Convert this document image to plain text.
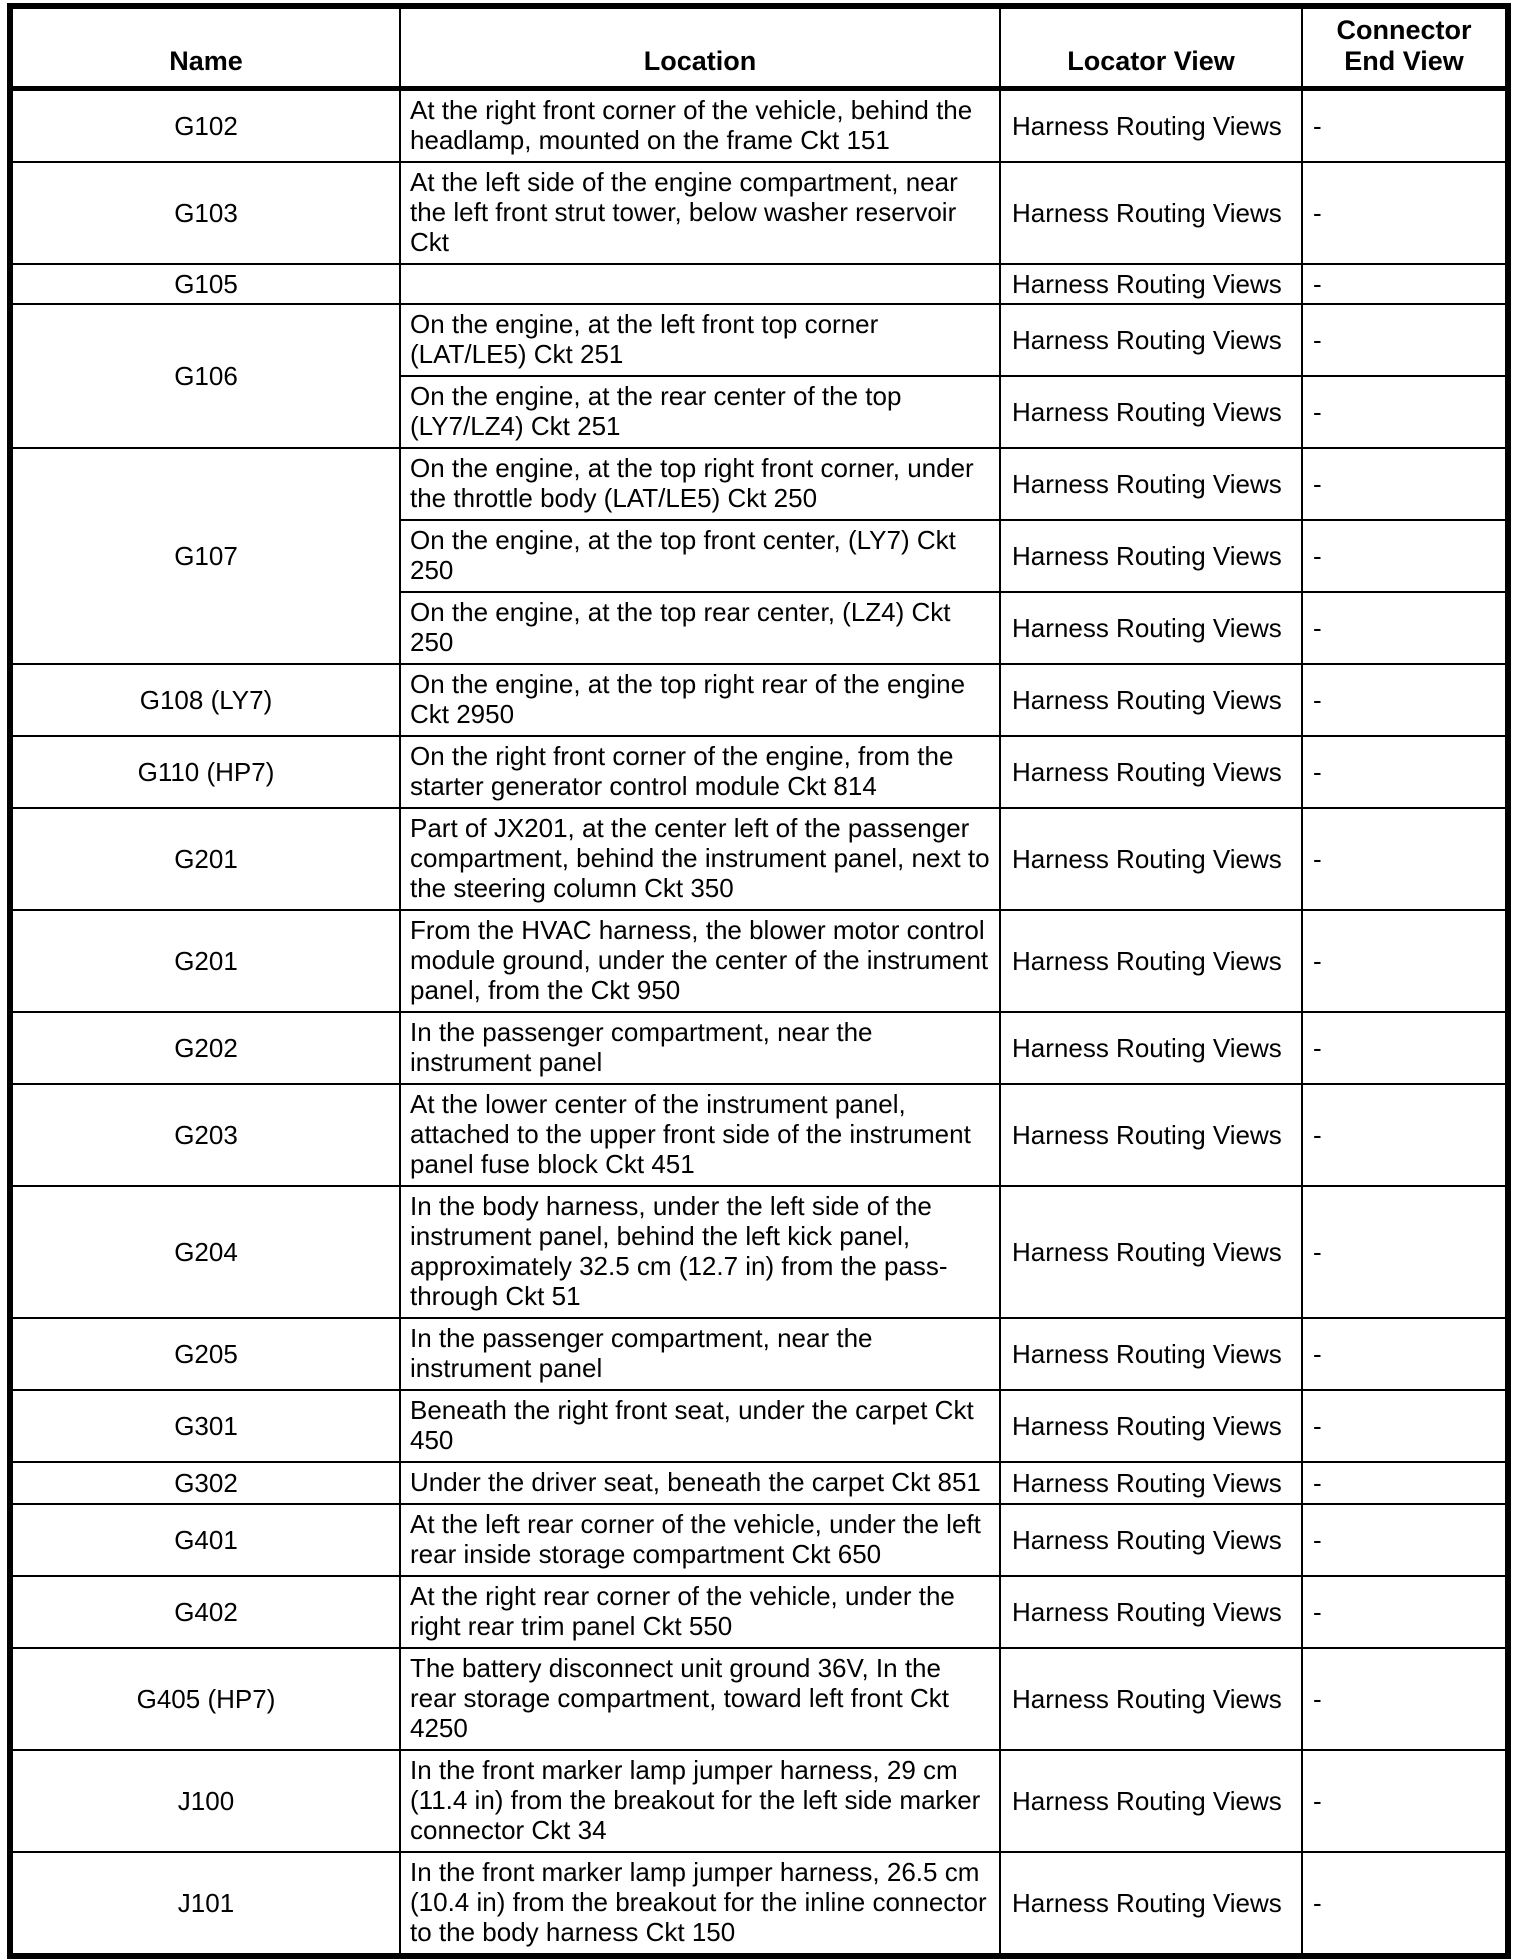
Name	Location	Locator View	Connector End View
G102	At the right front corner of the vehicle, behind the headlamp, mounted on the frame Ckt 151	Harness Routing Views	-
G103	At the left side of the engine compartment, near the left front strut tower, below washer reservoir Ckt	Harness Routing Views	-
G105		Harness Routing Views	-
G106	On the engine, at the left front top corner (LAT/LE5) Ckt 251	Harness Routing Views	-
	On the engine, at the rear center of the top (LY7/LZ4) Ckt 251	Harness Routing Views	-
G107	On the engine, at the top right front corner, under the throttle body (LAT/LE5) Ckt 250	Harness Routing Views	-
	On the engine, at the top front center, (LY7) Ckt 250	Harness Routing Views	-
	On the engine, at the top rear center, (LZ4) Ckt 250	Harness Routing Views	-
G108 (LY7)	On the engine, at the top right rear of the engine Ckt 2950	Harness Routing Views	-
G110 (HP7)	On the right front corner of the engine, from the starter generator control module Ckt 814	Harness Routing Views	-
G201	Part of JX201, at the center left of the passenger compartment, behind the instrument panel, next to the steering column Ckt 350	Harness Routing Views	-
G201	From the HVAC harness, the blower motor control module ground, under the center of the instrument panel, from the Ckt 950	Harness Routing Views	-
G202	In the passenger compartment, near the instrument panel	Harness Routing Views	-
G203	At the lower center of the instrument panel, attached to the upper front side of the instrument panel fuse block Ckt 451	Harness Routing Views	-
G204	In the body harness, under the left side of the instrument panel, behind the left kick panel, approximately 32.5 cm (12.7 in) from the pass-through Ckt 51	Harness Routing Views	-
G205	In the passenger compartment, near the instrument panel	Harness Routing Views	-
G301	Beneath the right front seat, under the carpet Ckt 450	Harness Routing Views	-
G302	Under the driver seat, beneath the carpet Ckt 851	Harness Routing Views	-
G401	At the left rear corner of the vehicle, under the left rear inside storage compartment Ckt 650	Harness Routing Views	-
G402	At the right rear corner of the vehicle, under the right rear trim panel Ckt 550	Harness Routing Views	-
G405 (HP7)	The battery disconnect unit ground 36V, In the rear storage compartment, toward left front Ckt 4250	Harness Routing Views	-
J100	In the front marker lamp jumper harness, 29 cm (11.4 in) from the breakout for the left side marker connector Ckt 34	Harness Routing Views	-
J101	In the front marker lamp jumper harness, 26.5 cm (10.4 in) from the breakout for the inline connector to the body harness Ckt 150	Harness Routing Views	-
